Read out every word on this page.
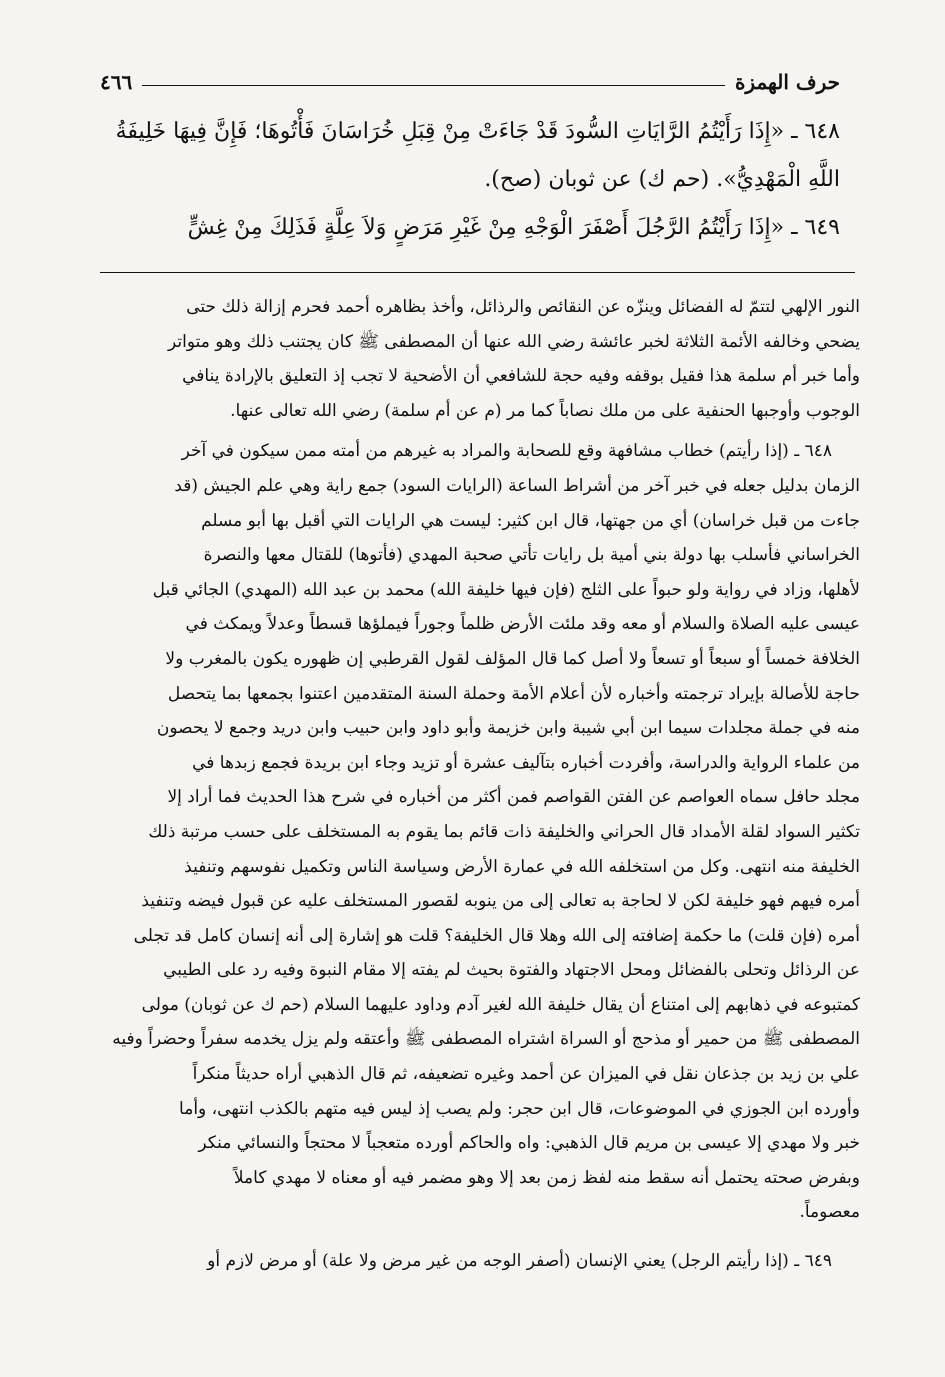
حرف الهمزة
٤٦٦

٦٤٨ ـ «إِذَا رَأَيْتُمُ الرَّايَاتِ السُّودَ قَدْ جَاءَتْ مِنْ قِبَلِ خُرَاسَانَ فَأْتُوهَا؛ فَإِنَّ فِيهَا خَلِيفَةُ

اللَّهِ الْمَهْدِيُّ». (حم ك) عن ثوبان (صح).

٦٤٩ ـ «إِذَا رَأَيْتُمُ الرَّجُلَ أَصْفَرَ الْوَجْهِ مِنْ غَيْرِ مَرَضٍ وَلاَ عِلَّةٍ فَذَلِكَ مِنْ غِشٍّ

النور الإلهي لتتمّ له الفضائل وينزّه عن النقائص والرذائل، وأخذ بظاهره أحمد فحرم إزالة ذلك حتى

يضحي وخالفه الأئمة الثلاثة لخبر عائشة رضي الله عنها أن المصطفى ﷺ كان يجتنب ذلك وهو متواتر

وأما خبر أم سلمة هذا فقيل بوقفه وفيه حجة للشافعي أن الأضحية لا تجب إذ التعليق بالإرادة ينافي

الوجوب وأوجبها الحنفية على من ملك نصاباً كما مر (م عن أم سلمة) رضي الله تعالى عنها.

٦٤٨ ـ (إذا رأيتم) خطاب مشافهة وقع للصحابة والمراد به غيرهم من أمته ممن سيكون في آخر

الزمان بدليل جعله في خبر آخر من أشراط الساعة (الرايات السود) جمع راية وهي علم الجيش (قد

جاءت من قبل خراسان) أي من جهتها، قال ابن كثير: ليست هي الرايات التي أقبل بها أبو مسلم

الخراساني فأسلب بها دولة بني أمية بل رايات تأتي صحبة المهدي (فأتوها) للقتال معها والنصرة

لأهلها، وزاد في رواية ولو حبواً على الثلج (فإن فيها خليفة الله) محمد بن عبد الله (المهدي) الجائي قبل

عيسى عليه الصلاة والسلام أو معه وقد ملئت الأرض ظلماً وجوراً فيملؤها قسطاً وعدلاً ويمكث في

الخلافة خمساً أو سبعاً أو تسعاً ولا أصل كما قال المؤلف لقول القرطبي إن ظهوره يكون بالمغرب ولا

حاجة للأصالة بإيراد ترجمته وأخباره لأن أعلام الأمة وحملة السنة المتقدمين اعتنوا بجمعها بما يتحصل

منه في جملة مجلدات سيما ابن أبي شيبة وابن خزيمة وأبو داود وابن حبيب وابن دريد وجمع لا يحصون

من علماء الرواية والدراسة، وأفردت أخباره بتآليف عشرة أو تزيد وجاء ابن بريدة فجمع زبدها في

مجلد حافل سماه العواصم عن الفتن القواصم فمن أكثر من أخباره في شرح هذا الحديث فما أراد إلا

تكثير السواد لقلة الأمداد قال الحراني والخليفة ذات قائم بما يقوم به المستخلف على حسب مرتبة ذلك

الخليفة منه انتهى. وكل من استخلفه الله في عمارة الأرض وسياسة الناس وتكميل نفوسهم وتنفيذ

أمره فيهم فهو خليفة لكن لا لحاجة به تعالى إلى من ينوبه لقصور المستخلف عليه عن قبول فيضه وتنفيذ

أمره (فإن قلت) ما حكمة إضافته إلى الله وهلا قال الخليفة؟ قلت هو إشارة إلى أنه إنسان كامل قد تجلى

عن الرذائل وتحلى بالفضائل ومحل الاجتهاد والفتوة بحيث لم يفته إلا مقام النبوة وفيه رد على الطيبي

كمتبوعه في ذهابهم إلى امتناع أن يقال خليفة الله لغير آدم وداود عليهما السلام (حم ك عن ثوبان) مولى

المصطفى ﷺ من حمير أو مذحج أو السراة اشتراه المصطفى ﷺ وأعتقه ولم يزل يخدمه سفراً وحضراً وفيه

علي بن زيد بن جذعان نقل في الميزان عن أحمد وغيره تضعيفه، ثم قال الذهبي أراه حديثاً منكراً

وأورده ابن الجوزي في الموضوعات، قال ابن حجر: ولم يصب إذ ليس فيه متهم بالكذب انتهى، وأما

خبر ولا مهدي إلا عيسى بن مريم قال الذهبي: واه والحاكم أورده متعجباً لا محتجاً والنسائي منكر

وبفرض صحته يحتمل أنه سقط منه لفظ زمن بعد إلا وهو مضمر فيه أو معناه لا مهدي كاملاً

معصوماً.

٦٤٩ ـ (إذا رأيتم الرجل) يعني الإنسان (أصفر الوجه من غير مرض ولا علة) أو مرض لازم أو
